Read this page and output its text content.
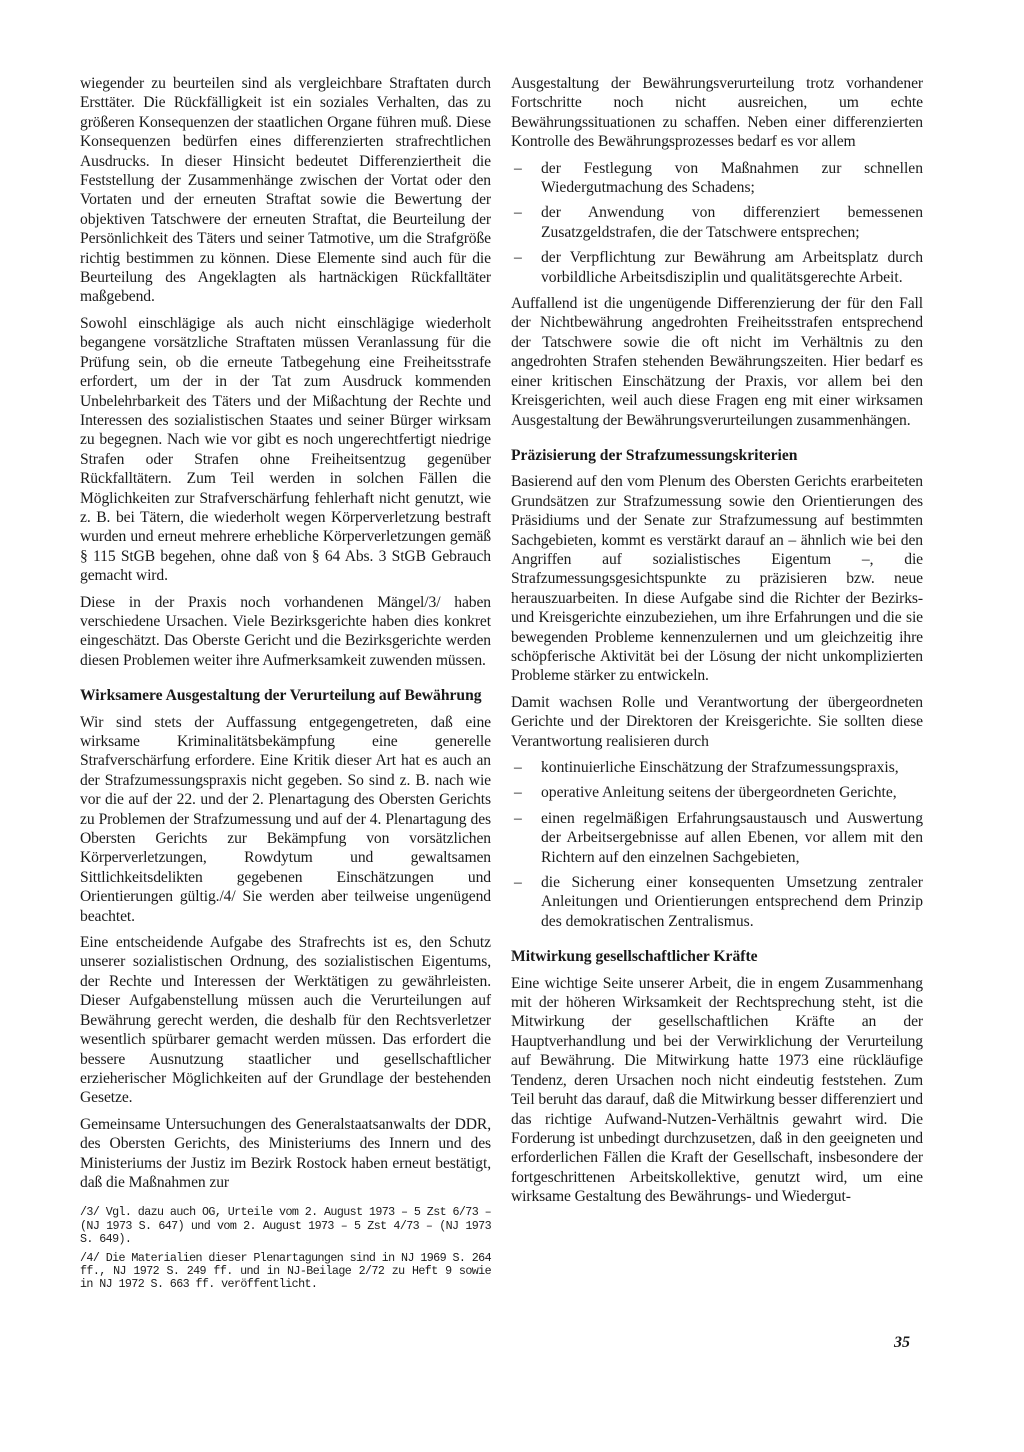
wiegender zu beurteilen sind als vergleichbare Straftaten durch Ersttäter. Die Rückfälligkeit ist ein soziales Verhalten, das zu größeren Konsequenzen der staatlichen Organe führen muß. Diese Konsequenzen bedürfen eines differenzierten strafrechtlichen Ausdrucks. In dieser Hinsicht bedeutet Differenziertheit die Feststellung der Zusammenhänge zwischen der Vortat oder den Vortaten und der erneuten Straftat sowie die Bewertung der objektiven Tatschwere der erneuten Straftat, die Beurteilung der Persönlichkeit des Täters und seiner Tatmotive, um die Strafgröße richtig bestimmen zu können. Diese Elemente sind auch für die Beurteilung des Angeklagten als hartnäckigen Rückfalltäter maßgebend.

Sowohl einschlägige als auch nicht einschlägige wiederholt begangene vorsätzliche Straftaten müssen Veranlassung für die Prüfung sein, ob die erneute Tatbegehung eine Freiheitsstrafe erfordert, um der in der Tat zum Ausdruck kommenden Unbelehrbarkeit des Täters und der Mißachtung der Rechte und Interessen des sozialistischen Staates und seiner Bürger wirksam zu begegnen. Nach wie vor gibt es noch ungerechtfertigt niedrige Strafen oder Strafen ohne Freiheitsentzug gegenüber Rückfalltätern. Zum Teil werden in solchen Fällen die Möglichkeiten zur Strafverschärfung fehlerhaft nicht genutzt, wie z. B. bei Tätern, die wiederholt wegen Körperverletzung bestraft wurden und erneut mehrere erhebliche Körperverletzungen gemäß § 115 StGB begehen, ohne daß von § 64 Abs. 3 StGB Gebrauch gemacht wird.

Diese in der Praxis noch vorhandenen Mängel/3/ haben verschiedene Ursachen. Viele Bezirksgerichte haben dies konkret eingeschätzt. Das Oberste Gericht und die Bezirksgerichte werden diesen Problemen weiter ihre Aufmerksamkeit zuwenden müssen.

Wirksamere Ausgestaltung der Verurteilung auf Bewährung

Wir sind stets der Auffassung entgegengetreten, daß eine wirksame Kriminalitätsbekämpfung eine generelle Strafverschärfung erfordere. Eine Kritik dieser Art hat es auch an der Strafzumessungspraxis nicht gegeben. So sind z. B. nach wie vor die auf der 22. und der 2. Plenartagung des Obersten Gerichts zu Problemen der Strafzumessung und auf der 4. Plenartagung des Obersten Gerichts zur Bekämpfung von vorsätzlichen Körperverletzungen, Rowdytum und gewaltsamen Sittlichkeitsdelikten gegebenen Einschätzungen und Orientierungen gültig./4/ Sie werden aber teilweise ungenügend beachtet.

Eine entscheidende Aufgabe des Strafrechts ist es, den Schutz unserer sozialistischen Ordnung, des sozialistischen Eigentums, der Rechte und Interessen der Werktätigen zu gewährleisten. Dieser Aufgabenstellung müssen auch die Verurteilungen auf Bewährung gerecht werden, die deshalb für den Rechtsverletzer wesentlich spürbarer gemacht werden müssen. Das erfordert die bessere Ausnutzung staatlicher und gesellschaftlicher erzieherischer Möglichkeiten auf der Grundlage der bestehenden Gesetze.

Gemeinsame Untersuchungen des Generalstaatsanwalts der DDR, des Obersten Gerichts, des Ministeriums des Innern und des Ministeriums der Justiz im Bezirk Rostock haben erneut bestätigt, daß die Maßnahmen zur

/3/ Vgl. dazu auch OG, Urteile vom 2. August 1973 – 5 Zst 6/73 – (NJ 1973 S. 647) und vom 2. August 1973 – 5 Zst 4/73 – (NJ 1973 S. 649).

/4/ Die Materialien dieser Plenartagungen sind in NJ 1969 S. 264 ff., NJ 1972 S. 249 ff. und in NJ-Beilage 2/72 zu Heft 9 sowie in NJ 1972 S. 663 ff. veröffentlicht.

Ausgestaltung der Bewährungsverurteilung trotz vorhandener Fortschritte noch nicht ausreichen, um echte Bewährungssituationen zu schaffen. Neben einer differenzierten Kontrolle des Bewährungsprozesses bedarf es vor allem

– der Festlegung von Maßnahmen zur schnellen Wiedergutmachung des Schadens;
– der Anwendung von differenziert bemessenen Zusatzgeldstrafen, die der Tatschwere entsprechen;
– der Verpflichtung zur Bewährung am Arbeitsplatz durch vorbildliche Arbeitsdisziplin und qualitätsgerechte Arbeit.

Auffallend ist die ungenügende Differenzierung der für den Fall der Nichtbewährung angedrohten Freiheitsstrafen entsprechend der Tatschwere sowie die oft nicht im Verhältnis zu den angedrohten Strafen stehenden Bewährungszeiten. Hier bedarf es einer kritischen Einschätzung der Praxis, vor allem bei den Kreisgerichten, weil auch diese Fragen eng mit einer wirksamen Ausgestaltung der Bewährungsverurteilungen zusammenhängen.

Präzisierung der Strafzumessungskriterien

Basierend auf den vom Plenum des Obersten Gerichts erarbeiteten Grundsätzen zur Strafzumessung sowie den Orientierungen des Präsidiums und der Senate zur Strafzumessung auf bestimmten Sachgebieten, kommt es verstärkt darauf an – ähnlich wie bei den Angriffen auf sozialistisches Eigentum –, die Strafzumessungsgesichtspunkte zu präzisieren bzw. neue herauszuarbeiten. In diese Aufgabe sind die Richter der Bezirks- und Kreisgerichte einzubeziehen, um ihre Erfahrungen und die sie bewegenden Probleme kennenzulernen und um gleichzeitig ihre schöpferische Aktivität bei der Lösung der nicht unkomplizierten Probleme stärker zu entwickeln.

Damit wachsen Rolle und Verantwortung der übergeordneten Gerichte und der Direktoren der Kreisgerichte. Sie sollten diese Verantwortung realisieren durch

– kontinuierliche Einschätzung der Strafzumessungspraxis,
– operative Anleitung seitens der übergeordneten Gerichte,
– einen regelmäßigen Erfahrungsaustausch und Auswertung der Arbeitsergebnisse auf allen Ebenen, vor allem mit den Richtern auf den einzelnen Sachgebieten,
– die Sicherung einer konsequenten Umsetzung zentraler Anleitungen und Orientierungen entsprechend dem Prinzip des demokratischen Zentralismus.
Mitwirkung gesellschaftlicher Kräfte

Eine wichtige Seite unserer Arbeit, die in engem Zusammenhang mit der höheren Wirksamkeit der Rechtsprechung steht, ist die Mitwirkung der gesellschaftlichen Kräfte an der Hauptverhandlung und bei der Verwirklichung der Verurteilung auf Bewährung. Die Mitwirkung hatte 1973 eine rückläufige Tendenz, deren Ursachen noch nicht eindeutig feststehen. Zum Teil beruht das darauf, daß die Mitwirkung besser differenziert und das richtige Aufwand-Nutzen-Verhältnis gewahrt wird. Die Forderung ist unbedingt durchzusetzen, daß in den geeigneten und erforderlichen Fällen die Kraft der Gesellschaft, insbesondere der fortgeschrittenen Arbeitskollektive, genutzt wird, um eine wirksame Gestaltung des Bewährungs- und Wiedergut-

35
